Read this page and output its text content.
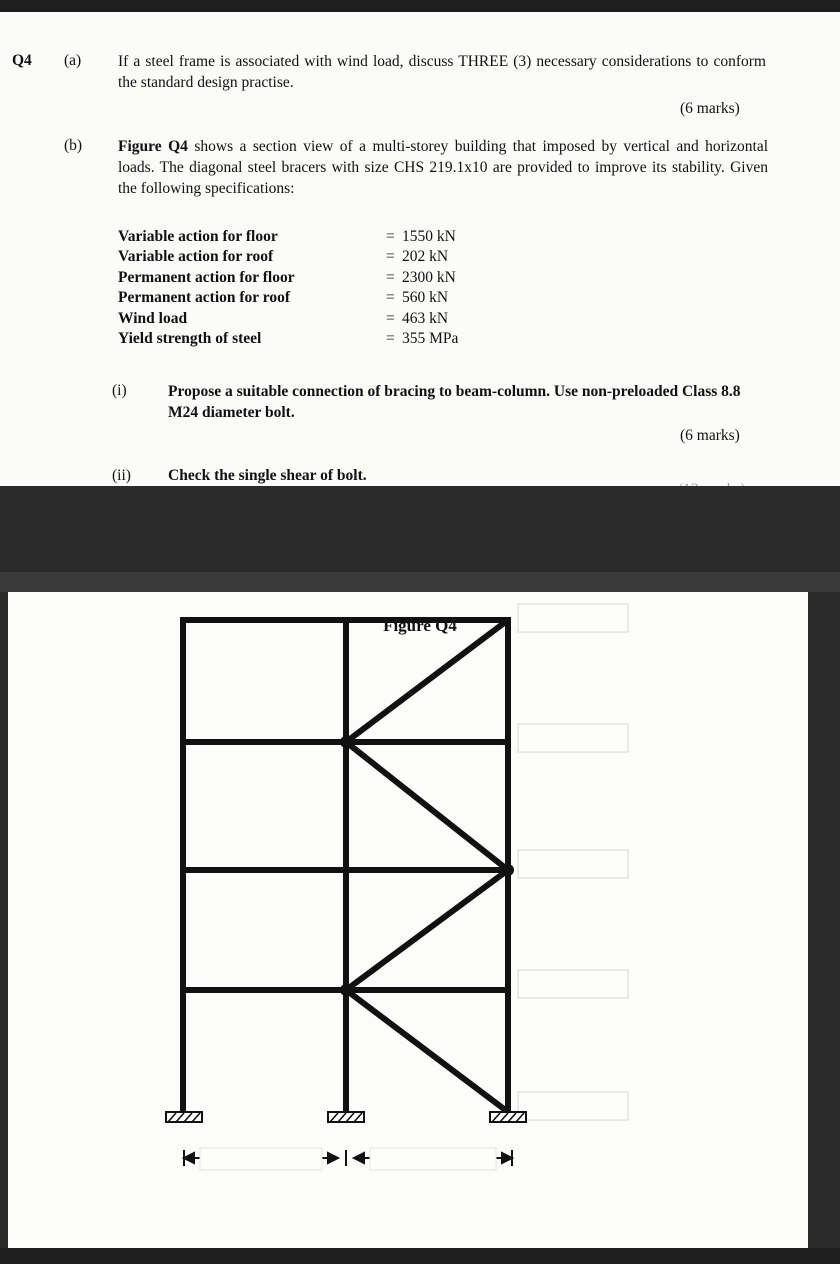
Q4 (a) If a steel frame is associated with wind load, discuss THREE (3) necessary considerations to conform the standard design practise.
(6 marks)
(b) Figure Q4 shows a section view of a multi-storey building that imposed by vertical and horizontal loads. The diagonal steel bracers with size CHS 219.1x10 are provided to improve its stability. Given the following specifications:
Variable action for floor	= 1550 kN
Variable action for roof	= 202 kN
Permanent action for floor	= 2300 kN
Permanent action for roof	= 560 kN
Wind load	= 463 kN
Yield strength of steel	= 355 MPa
(i)	Propose a suitable connection of bracing to beam-column. Use non-preloaded Class 8.8 M24 diameter bolt.
(6 marks)
(ii) Check the single shear of bolt.
Figure Q4
